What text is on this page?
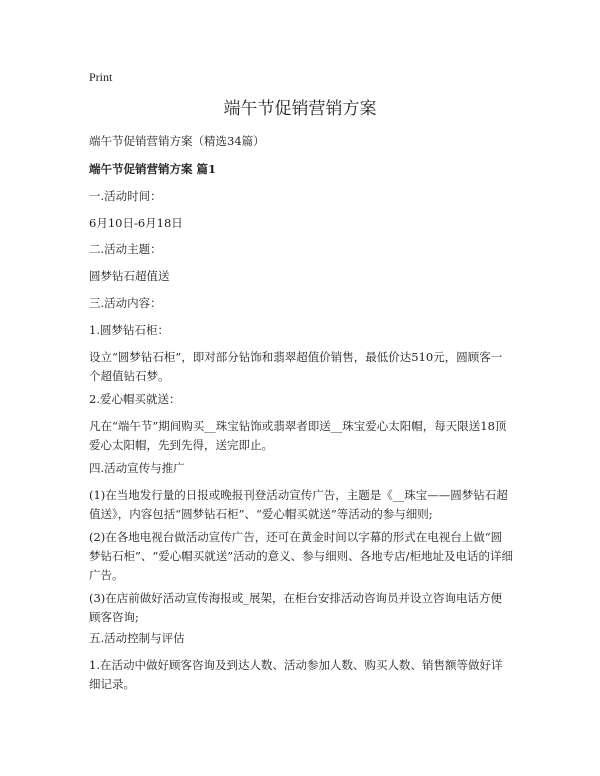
Print
端午节促销营销方案

端午节促销营销方案（精选34篇）

端午节促销营销方案 篇1

一.活动时间：

6月10日-6月18日

二.活动主题：

圆梦钻石超值送

三.活动内容：

1.圆梦钻石柜：

设立“圆梦钻石柜”，即对部分钻饰和翡翠超值价销售，最低价达510元，圆顾客一个超值钻石梦。

2.爱心帽买就送：

凡在“端午节”期间购买__珠宝钻饰或翡翠者即送__珠宝爱心太阳帽，每天限送18顶爱心太阳帽，先到先得，送完即止。

四.活动宣传与推广

(1)在当地发行量的日报或晚报刊登活动宣传广告，主题是《__珠宝——圆梦钻石超值送》，内容包括“圆梦钻石柜”、“爱心帽买就送”等活动的参与细则;

(2)在各地电视台做活动宣传广告，还可在黄金时间以字幕的形式在电视台上做“圆梦钻石柜”、“爱心帽买就送”活动的意义、参与细则、各地专店/柜地址及电话的详细广告。

(3)在店前做好活动宣传海报或_展架，在柜台安排活动咨询员并设立咨询电话方便顾客咨询;

五.活动控制与评估

1.在活动中做好顾客咨询及到达人数、活动参加人数、购买人数、销售额等做好详细记录。
